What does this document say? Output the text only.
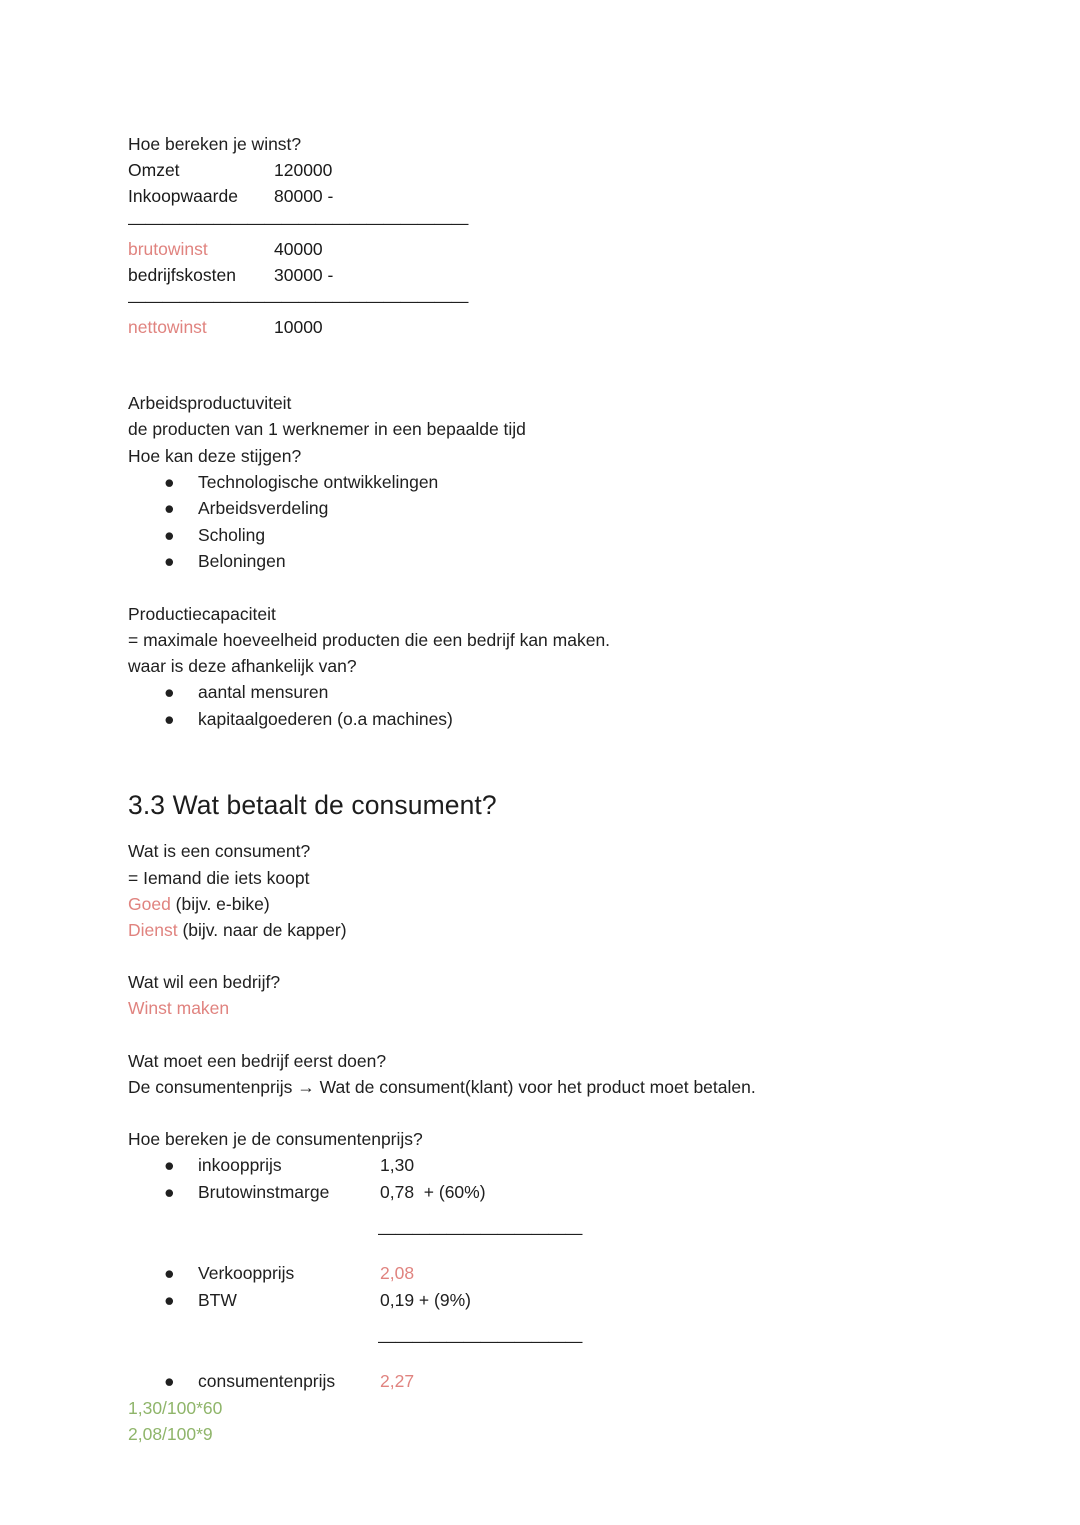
Hoe bereken je winst?
Omzet	120000
Inkoopwaarde 80000 -
————————————————————
brutowinst	40000
bedrijfskosten 30000 -
————————————————————
nettowinst	10000
Arbeidsproductuviteit
de producten van 1 werknemer in een bepaalde tijd
Hoe kan deze stijgen?
● Technologische ontwikkelingen
● Arbeidsverdeling
● Scholing
● Beloningen
Productiecapaciteit
= maximale hoeveelheid producten die een bedrijf kan maken.
waar is deze afhankelijk van?
● aantal mensuren
● kapitaalgoederen (o.a machines)
3.3 Wat betaalt de consument?
Wat is een consument?
= Iemand die iets koopt
Goed (bijv. e-bike)
Dienst (bijv. naar de kapper)
Wat wil een bedrijf?
Winst maken
Wat moet een bedrijf eerst doen?
De consumentenprijs → Wat de consument(klant) voor het product moet betalen.
Hoe bereken je de consumentenprijs?
● inkoopprijs	1,30
● Brutowinstmarge	0,78  + (60%)
————————————
● Verkoopprijs	2,08
● BTW	0,19 + (9%)
————————————
● consumentenprijs	2,27
1,30/100*60
2,08/100*9
